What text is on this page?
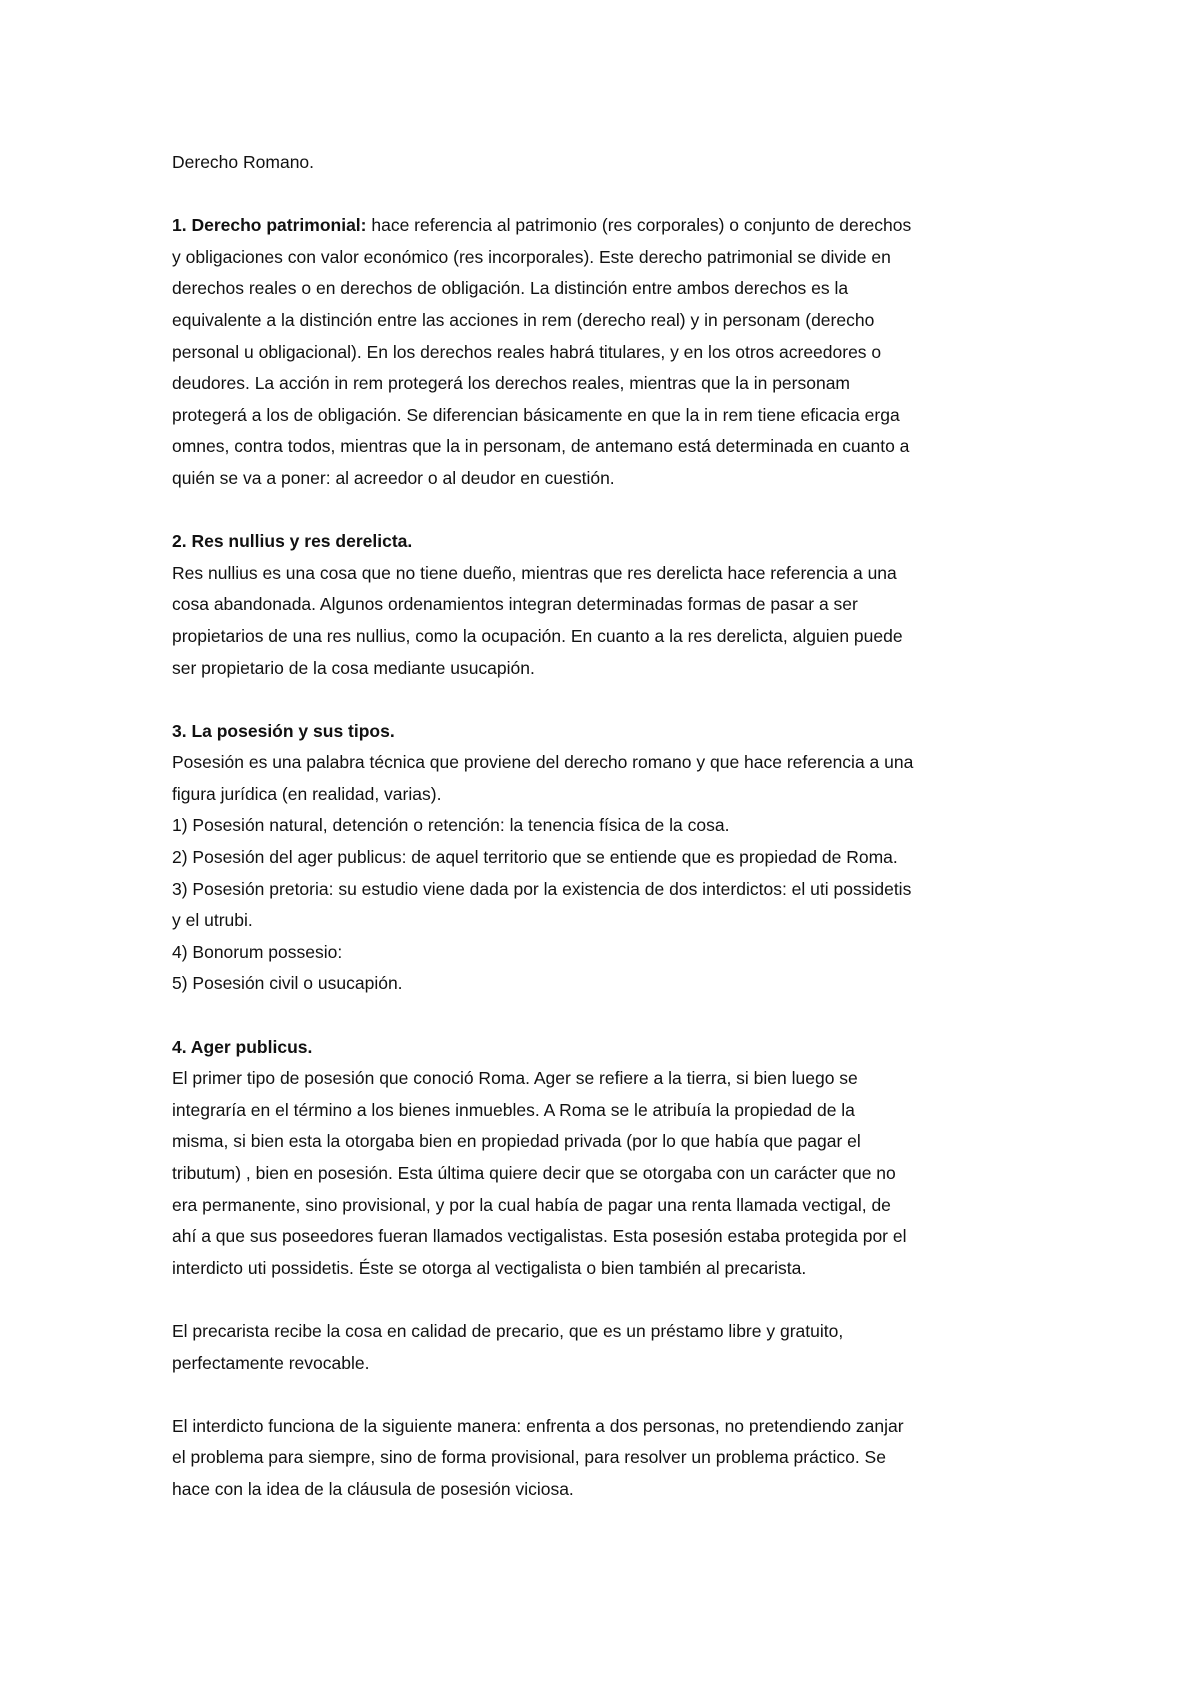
Derecho Romano.
1. Derecho patrimonial: hace referencia al patrimonio (res corporales) o conjunto de derechos
y obligaciones con valor económico (res incorporales). Este derecho patrimonial se divide en
derechos reales o en derechos de obligación. La distinción entre ambos derechos es la
equivalente a la distinción entre las acciones in rem (derecho real) y in personam (derecho
personal u obligacional). En los derechos reales habrá titulares, y en los otros acreedores o
deudores. La acción in rem protegerá los derechos reales, mientras que la in personam
protegerá a los de obligación. Se diferencian básicamente en que la in rem tiene eficacia erga
omnes, contra todos, mientras que la in personam, de antemano está determinada en cuanto a
quién se va a poner: al acreedor o al deudor en cuestión.
2. Res nullius y res derelicta.
Res nullius es una cosa que no tiene dueño, mientras que res derelicta hace referencia a una
cosa abandonada. Algunos ordenamientos integran determinadas formas de pasar a ser
propietarios de una res nullius, como la ocupación. En cuanto a la res derelicta, alguien puede
ser propietario de la cosa mediante usucapión.
3. La posesión y sus tipos.
Posesión es una palabra técnica que proviene del derecho romano y que hace referencia a una
figura jurídica (en realidad, varias).
1) Posesión natural, detención o retención: la tenencia física de la cosa.
2) Posesión del ager publicus: de aquel territorio que se entiende que es propiedad de Roma.
3) Posesión pretoria: su estudio viene dada por la existencia de dos interdictos: el uti possidetis
y el utrubi.
4) Bonorum possesio:
5) Posesión civil o usucapión.
4. Ager publicus.
El primer tipo de posesión que conoció Roma. Ager se refiere a la tierra, si bien luego se
integraría en el término a los bienes inmuebles. A Roma se le atribuía la propiedad de la
misma, si bien esta la otorgaba bien en propiedad privada (por lo que había que pagar el
tributum) , bien en posesión. Esta última quiere decir que se otorgaba con un carácter que no
era permanente, sino provisional, y por la cual había de pagar una renta llamada vectigal, de
ahí a que sus poseedores fueran llamados vectigalistas. Esta posesión estaba protegida por el
interdicto uti possidetis. Éste se otorga al vectigalista o bien también al precarista.
El precarista recibe la cosa en calidad de precario, que es un préstamo libre y gratuito,
perfectamente revocable.
El interdicto funciona de la siguiente manera: enfrenta a dos personas, no pretendiendo zanjar
el problema para siempre, sino de forma provisional, para resolver un problema práctico. Se
hace con la idea de la cláusula de posesión viciosa.
